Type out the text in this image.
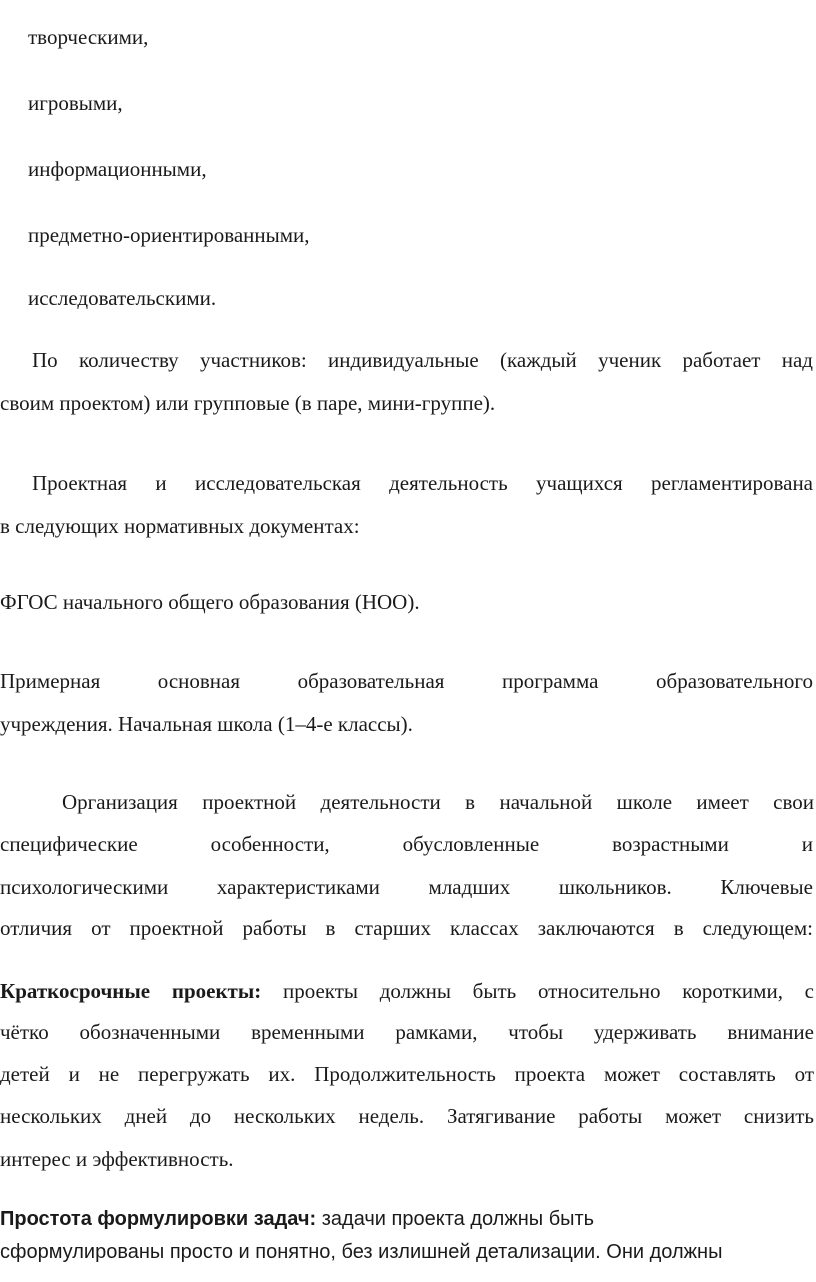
творческими,
игровыми,
информационными,
предметно-ориентированными,
исследовательскими.
По количеству участников: индивидуальные (каждый ученик работает над
своим проектом) или групповые (в паре, мини-группе).
Проектная и исследовательская деятельность учащихся регламентирована
в следующих нормативных документах:
ФГОС начального общего образования (НОО).
Примерная основная образовательная программа образовательного
учреждения. Начальная школа (1–4-е классы).
Организация проектной деятельности в начальной школе имеет свои
специфические особенности, обусловленные возрастными и
психологическими характеристиками младших школьников. Ключевые
отличия от проектной работы в старших классах заключаются в следующем:
Краткосрочные проекты: проекты должны быть относительно короткими, с
чётко обозначенными временными рамками, чтобы удерживать внимание
детей и не перегружать их. Продолжительность проекта может составлять от
нескольких дней до нескольких недель. Затягивание работы может снизить
интерес и эффективность.
Простота формулировки задач: задачи проекта должны быть
сформулированы просто и понятно, без излишней детализации. Они должны
